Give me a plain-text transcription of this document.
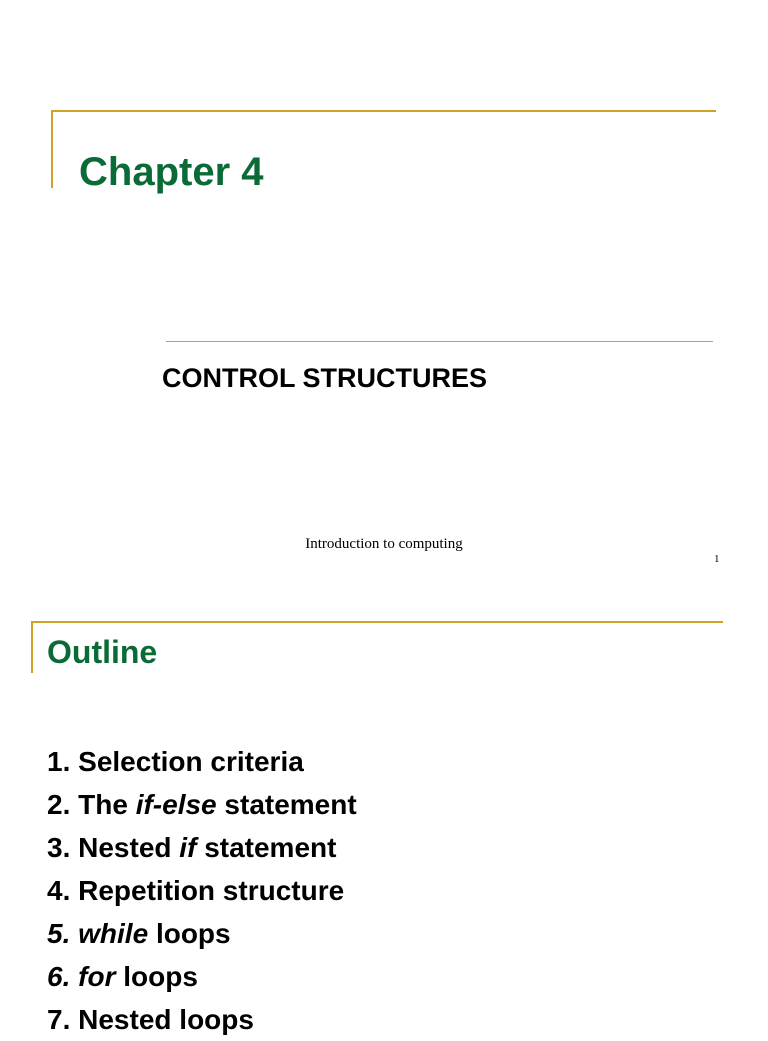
Chapter 4
CONTROL STRUCTURES
Introduction to computing
1
Outline
1. Selection criteria
2. The if-else statement
3. Nested if statement
4. Repetition structure
5. while loops
6. for loops
7. Nested loops
